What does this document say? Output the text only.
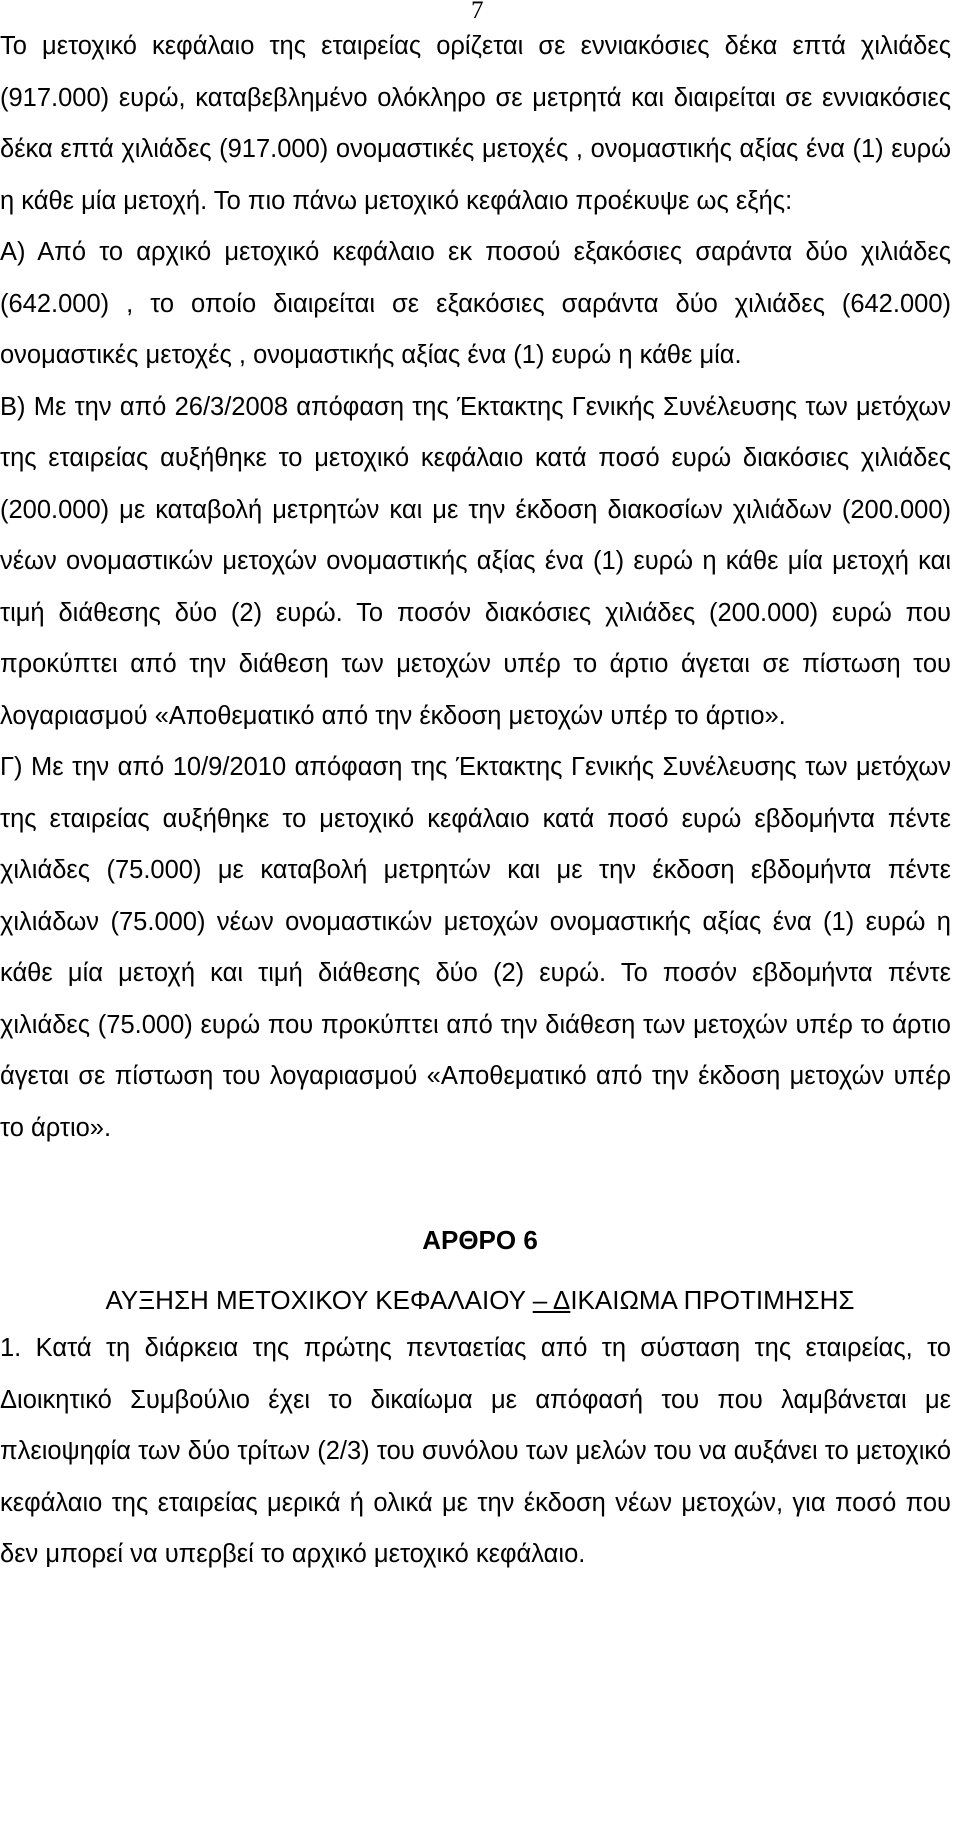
7

Το μετοχικό κεφάλαιο της εταιρείας ορίζεται σε εννιακόσιες δέκα επτά χιλιάδες (917.000) ευρώ, καταβεβλημένο ολόκληρο σε μετρητά και διαιρείται σε εννιακόσιες δέκα επτά χιλιάδες (917.000) ονομαστικές μετοχές , ονομαστικής αξίας ένα (1) ευρώ η κάθε μία μετοχή. Το πιο πάνω μετοχικό κεφάλαιο προέκυψε ως εξής:

Α) Από το αρχικό μετοχικό κεφάλαιο εκ ποσού εξακόσιες σαράντα δύο χιλιάδες (642.000) , το οποίο διαιρείται σε εξακόσιες σαράντα δύο χιλιάδες (642.000) ονομαστικές μετοχές , ονομαστικής αξίας ένα (1) ευρώ η κάθε μία.

Β) Με την από 26/3/2008 απόφαση της Έκτακτης Γενικής Συνέλευσης των μετόχων της εταιρείας αυξήθηκε το μετοχικό κεφάλαιο κατά ποσό ευρώ διακόσιες χιλιάδες (200.000) με καταβολή μετρητών και με την έκδοση διακοσίων χιλιάδων (200.000) νέων ονομαστικών μετοχών ονομαστικής αξίας ένα (1) ευρώ η κάθε μία μετοχή και τιμή διάθεσης δύο (2) ευρώ. Το ποσόν διακόσιες χιλιάδες (200.000) ευρώ που προκύπτει από την διάθεση των μετοχών υπέρ το άρτιο άγεται σε πίστωση του λογαριασμού «Αποθεματικό από την έκδοση μετοχών υπέρ το άρτιο».

Γ) Με την από 10/9/2010 απόφαση της Έκτακτης Γενικής Συνέλευσης των μετόχων της εταιρείας αυξήθηκε το μετοχικό κεφάλαιο κατά ποσό ευρώ εβδομήντα πέντε χιλιάδες (75.000) με καταβολή μετρητών και με την έκδοση εβδομήντα πέντε χιλιάδων (75.000) νέων ονομαστικών μετοχών ονομαστικής αξίας ένα (1) ευρώ η κάθε μία μετοχή και τιμή διάθεσης δύο (2) ευρώ. Το ποσόν εβδομήντα πέντε χιλιάδες (75.000) ευρώ που προκύπτει από την διάθεση των μετοχών υπέρ το άρτιο άγεται σε πίστωση του λογαριασμού «Αποθεματικό από την έκδοση μετοχών υπέρ το άρτιο».

ΑΡΘΡΟ 6
ΑΥΞΗΣΗ ΜΕΤΟΧΙΚΟΥ ΚΕΦΑΛΑΙΟΥ – ΔΙΚΑΙΩΜΑ ΠΡΟΤΙΜΗΣΗΣ

1. Κατά τη διάρκεια της πρώτης πενταετίας από τη σύσταση της εταιρείας, το Διοικητικό Συμβούλιο έχει το δικαίωμα με απόφασή του που λαμβάνεται με πλειοψηφία των δύο τρίτων (2/3) του συνόλου των μελών του να αυξάνει το μετοχικό κεφάλαιο της εταιρείας μερικά ή ολικά με την έκδοση νέων μετοχών, για ποσό που δεν μπορεί να υπερβεί το αρχικό μετοχικό κεφάλαιο.
